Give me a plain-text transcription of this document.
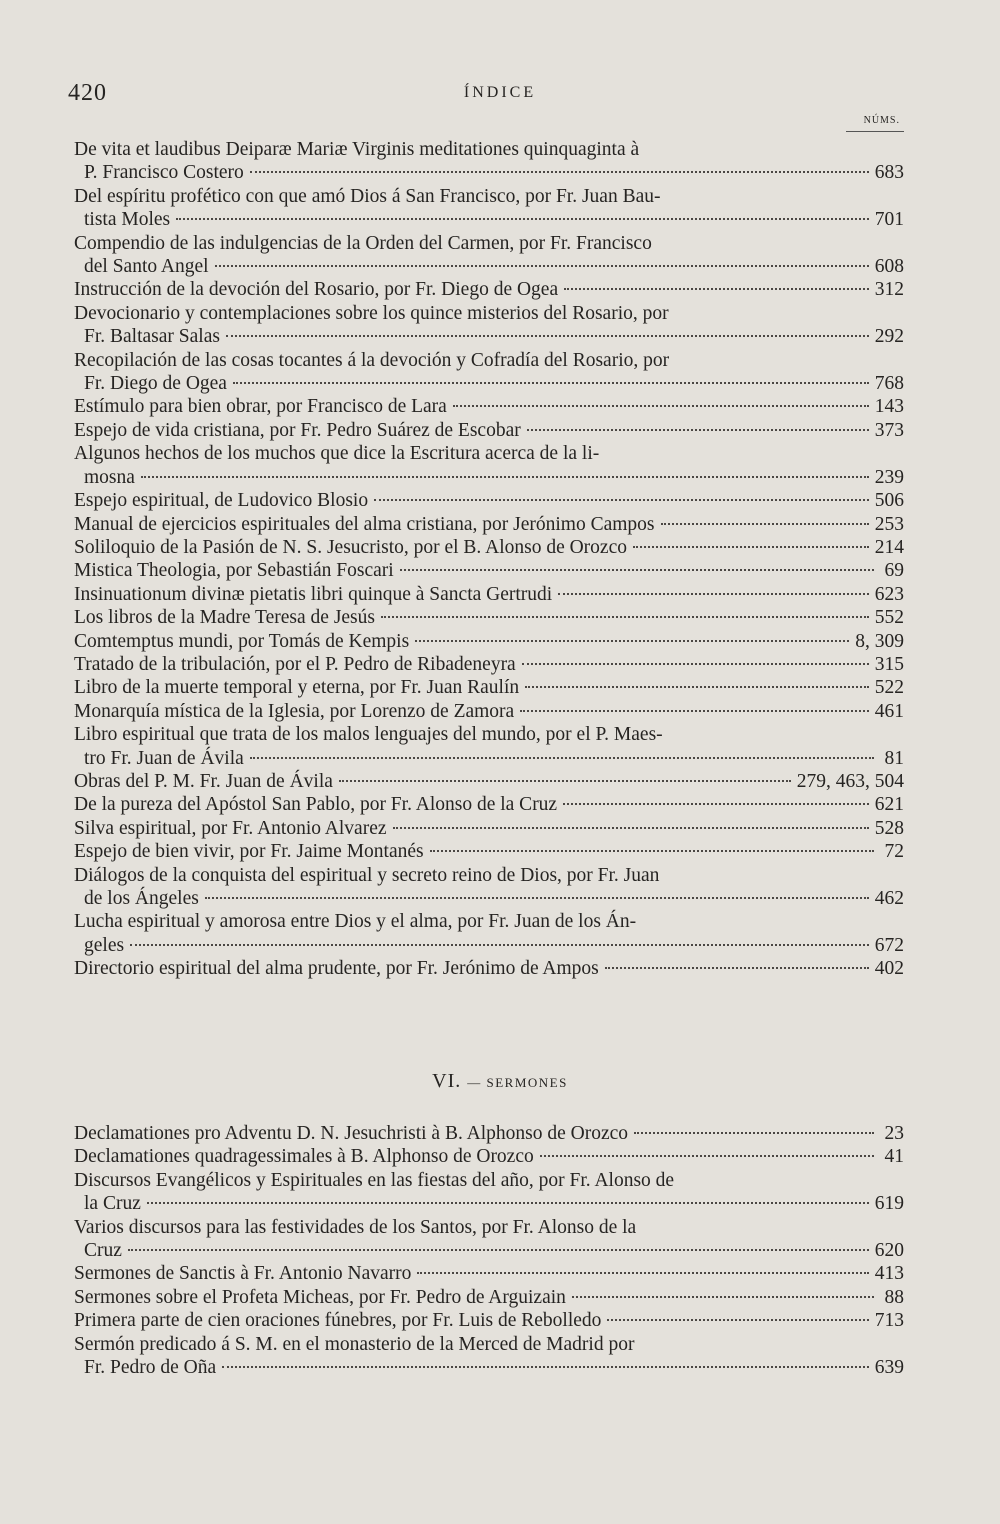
420	ÍNDICE
NÚMS.
De vita et laudibus Deiparæ Mariæ Virginis meditationes quinquaginta à
P. Francisco Costero	683
Del espíritu profético con que amó Dios á San Francisco, por Fr. Juan Bau-
tista Moles	701
Compendio de las indulgencias de la Orden del Carmen, por Fr. Francisco
del Santo Angel	608
Instrucción de la devoción del Rosario, por Fr. Diego de Ogea	312
Devocionario y contemplaciones sobre los quince misterios del Rosario, por
Fr. Baltasar Salas	292
Recopilación de las cosas tocantes á la devoción y Cofradía del Rosario, por
Fr. Diego de Ogea	768
Estímulo para bien obrar, por Francisco de Lara	143
Espejo de vida cristiana, por Fr. Pedro Suárez de Escobar	373
Algunos hechos de los muchos que dice la Escritura acerca de la li-
mosna	239
Espejo espiritual, de Ludovico Blosio	506
Manual de ejercicios espirituales del alma cristiana, por Jerónimo Campos	253
Soliloquio de la Pasión de N. S. Jesucristo, por el B. Alonso de Orozco	214
Mistica Theologia, por Sebastián Foscari	69
Insinuationum divinæ pietatis libri quinque à Sancta Gertrudi	623
Los libros de la Madre Teresa de Jesús	552
Comtemptus mundi, por Tomás de Kempis	8, 309
Tratado de la tribulación, por el P. Pedro de Ribadeneyra	315
Libro de la muerte temporal y eterna, por Fr. Juan Raulín	522
Monarquía mística de la Iglesia, por Lorenzo de Zamora	461
Libro espiritual que trata de los malos lenguajes del mundo, por el P. Maes-
tro Fr. Juan de Ávila	81
Obras del P. M. Fr. Juan de Ávila	279, 463, 504
De la pureza del Apóstol San Pablo, por Fr. Alonso de la Cruz	621
Silva espiritual, por Fr. Antonio Alvarez	528
Espejo de bien vivir, por Fr. Jaime Montanés	72
Diálogos de la conquista del espiritual y secreto reino de Dios, por Fr. Juan
de los Ángeles	462
Lucha espiritual y amorosa entre Dios y el alma, por Fr. Juan de los Án-
geles	672
Directorio espiritual del alma prudente, por Fr. Jerónimo de Ampos	402
VI. — SERMONES
Declamationes pro Adventu D. N. Jesuchristi à B. Alphonso de Orozco	23
Declamationes quadragessimales à B. Alphonso de Orozco	41
Discursos Evangélicos y Espirituales en las fiestas del año, por Fr. Alonso de
la Cruz	619
Varios discursos para las festividades de los Santos, por Fr. Alonso de la
Cruz	620
Sermones de Sanctis à Fr. Antonio Navarro	413
Sermones sobre el Profeta Micheas, por Fr. Pedro de Arguizain	88
Primera parte de cien oraciones fúnebres, por Fr. Luis de Rebolledo	713
Sermón predicado á S. M. en el monasterio de la Merced de Madrid por
Fr. Pedro de Oña	639
